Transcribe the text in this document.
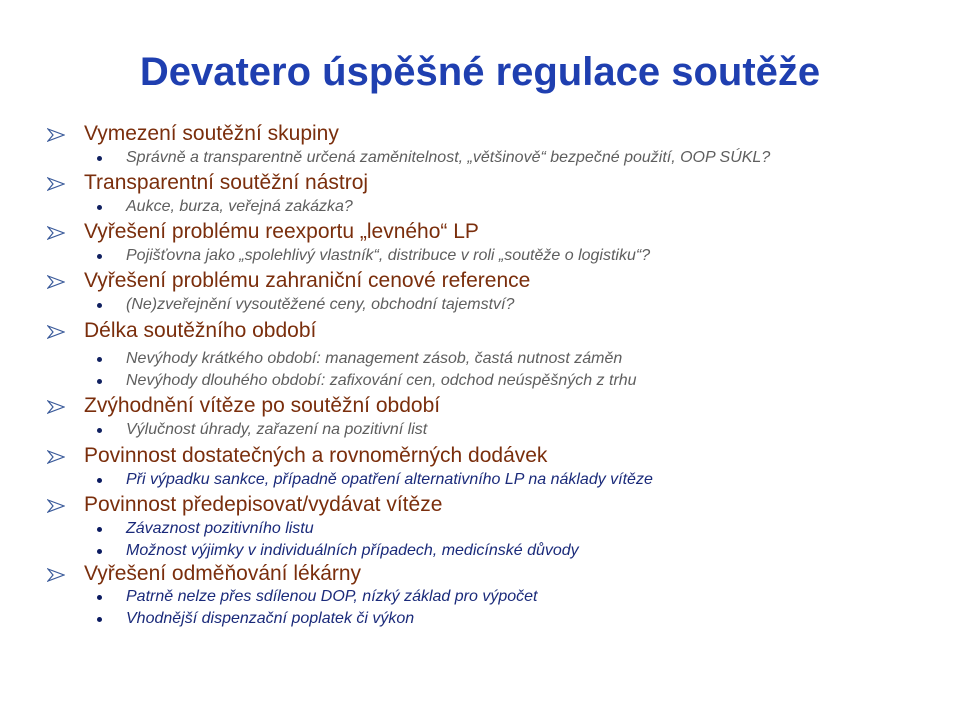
Devatero úspěšné regulace soutěže
Vymezení soutěžní skupiny
Správně a transparentně určená zaměnitelnost, „většinově“ bezpečné použití, OOP SÚKL?
Transparentní soutěžní nástroj
Aukce, burza, veřejná zakázka?
Vyřešení problému reexportu „levného“ LP
Pojišťovna jako „spolehlivý vlastník“, distribuce v roli „soutěže o logistiku“?
Vyřešení problému zahraniční cenové reference
(Ne)zveřejnění vysoutěžené ceny, obchodní tajemství?
Délka soutěžního období
Nevýhody krátkého období: management zásob, častá nutnost záměn
Nevýhody dlouhého období: zafixování cen, odchod neúspěšných z trhu
Zvýhodnění vítěze po soutěžní období
Výlučnost úhrady, zařazení na pozitivní list
Povinnost dostatečných a rovnoměrných dodávek
Při výpadku sankce, případně opatření alternativního LP na náklady vítěze
Povinnost předepisovat/vydávat vítěze
Závaznost pozitivního listu
Možnost výjimky v individuálních případech, medicínské důvody
Vyřešení odměňování lékárny
Patrně nelze přes sdílenou DOP, nízký základ pro výpočet
Vhodnější dispenzační poplatek či výkon
